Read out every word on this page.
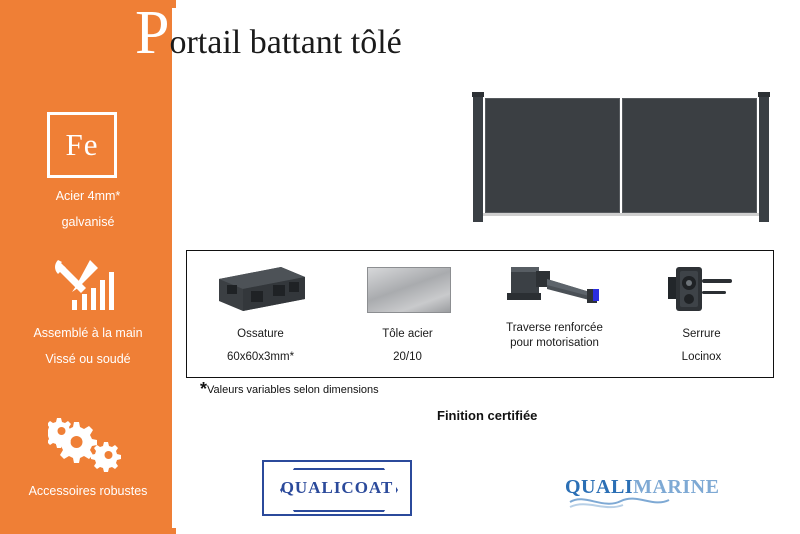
Fe
Acier 4mm*
galvanisé
Assemblé à la main
Vissé ou soudé
Accessoires robustes
Portail battant tôlé
Ossature
60x60x3mm*
Tôle acier
20/10
Traverse renforcée
pour motorisation
Serrure
Locinox
*Valeurs variables selon dimensions
Finition certifiée
QUALICOAT	QUALIMARINE
